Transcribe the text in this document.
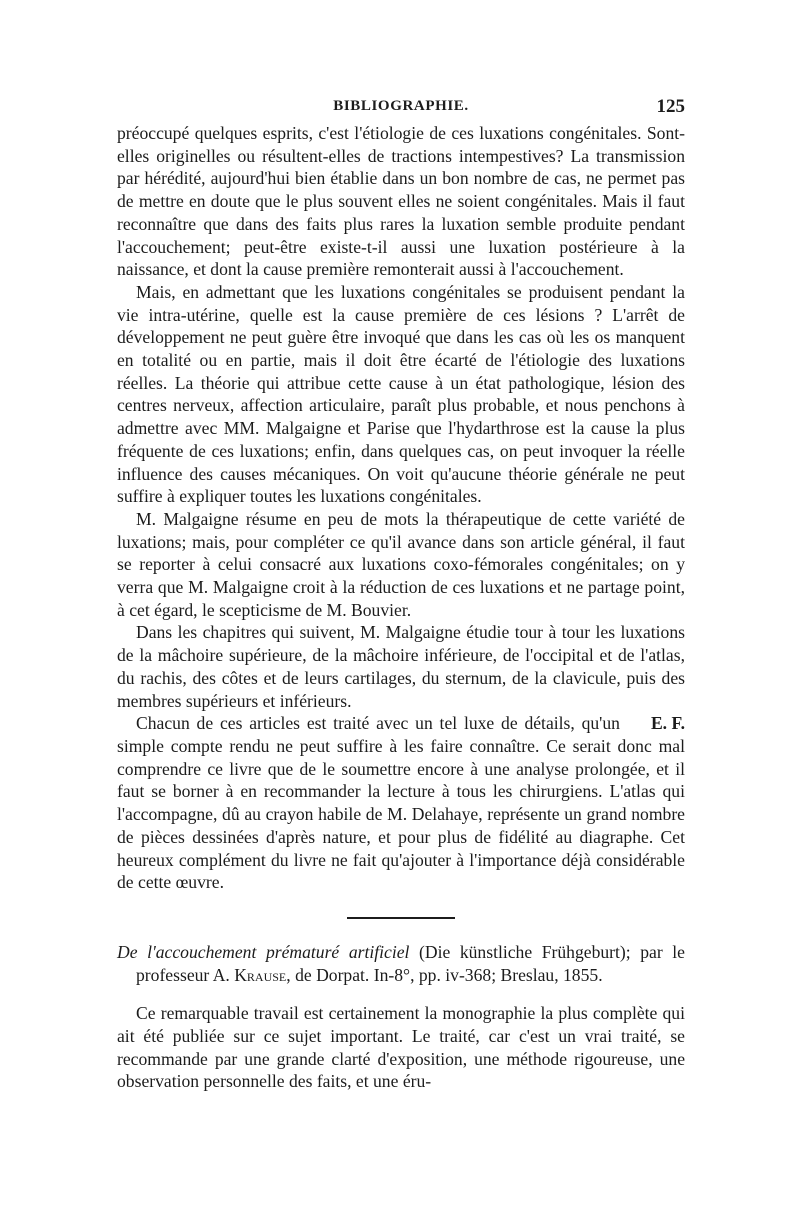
BIBLIOGRAPHIE.	125

préoccupé quelques esprits, c'est l'étiologie de ces luxations congénitales. Sont-elles originelles ou résultent-elles de tractions intempestives? La transmission par hérédité, aujourd'hui bien établie dans un bon nombre de cas, ne permet pas de mettre en doute que le plus souvent elles ne soient congénitales. Mais il faut reconnaître que dans des faits plus rares la luxation semble produite pendant l'accouchement; peut-être existe-t-il aussi une luxation postérieure à la naissance, et dont la cause première remonterait aussi à l'accouchement.

Mais, en admettant que les luxations congénitales se produisent pendant la vie intra-utérine, quelle est la cause première de ces lésions ? L'arrêt de développement ne peut guère être invoqué que dans les cas où les os manquent en totalité ou en partie, mais il doit être écarté de l'étiologie des luxations réelles. La théorie qui attribue cette cause à un état pathologique, lésion des centres nerveux, affection articulaire, paraît plus probable, et nous penchons à admettre avec MM. Malgaigne et Parise que l'hydarthrose est la cause la plus fréquente de ces luxations; enfin, dans quelques cas, on peut invoquer la réelle influence des causes mécaniques. On voit qu'aucune théorie générale ne peut suffire à expliquer toutes les luxations congénitales.

M. Malgaigne résume en peu de mots la thérapeutique de cette variété de luxations; mais, pour compléter ce qu'il avance dans son article général, il faut se reporter à celui consacré aux luxations coxo-fémorales congénitales; on y verra que M. Malgaigne croit à la réduction de ces luxations et ne partage point, à cet égard, le scepticisme de M. Bouvier.

Dans les chapitres qui suivent, M. Malgaigne étudie tour à tour les luxations de la mâchoire supérieure, de la mâchoire inférieure, de l'occipital et de l'atlas, du rachis, des côtes et de leurs cartilages, du sternum, de la clavicule, puis des membres supérieurs et inférieurs.

E. F.
Chacun de ces articles est traité avec un tel luxe de détails, qu'un simple compte rendu ne peut suffire à les faire connaître. Ce serait donc mal comprendre ce livre que de le soumettre encore à une analyse prolongée, et il faut se borner à en recommander la lecture à tous les chirurgiens. L'atlas qui l'accompagne, dû au crayon habile de M. Delahaye, représente un grand nombre de pièces dessinées d'après nature, et pour plus de fidélité au diagraphe. Cet heureux complément du livre ne fait qu'ajouter à l'importance déjà considérable de cette œuvre.

De l'accouchement prématuré artificiel (Die künstliche Frühgeburt); par le professeur A. Krause, de Dorpat. In-8°, pp. iv-368; Breslau, 1855.

Ce remarquable travail est certainement la monographie la plus complète qui ait été publiée sur ce sujet important. Le traité, car c'est un vrai traité, se recommande par une grande clarté d'exposition, une méthode rigoureuse, une observation personnelle des faits, et une éru-
